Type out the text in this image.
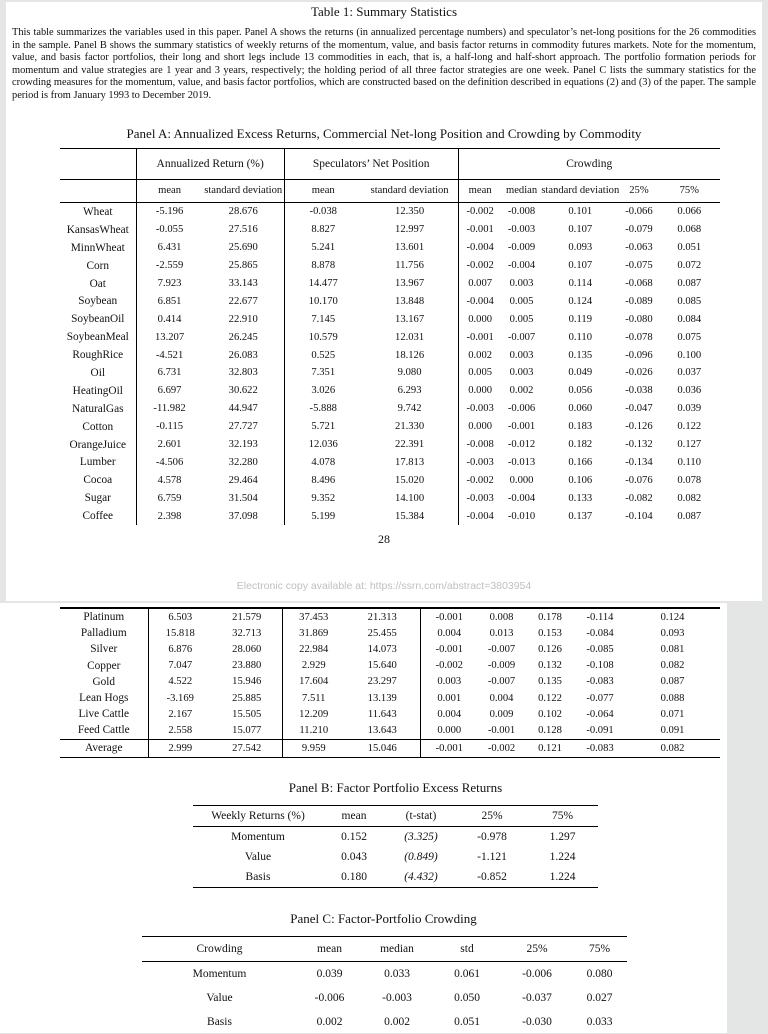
Table 1: Summary Statistics
This table summarizes the variables used in this paper. Panel A shows the returns (in annualized percentage numbers) and speculator’s net-long positions for the 26 commodities in the sample. Panel B shows the summary statistics of weekly returns of the momentum, value, and basis factor returns in commodity futures markets. Note for the momentum, value, and basis factor portfolios, their long and short legs include 13 commodities in each, that is, a half-long and half-short approach. The portfolio formation periods for momentum and value strategies are 1 year and 3 years, respectively; the holding period of all three factor strategies are one week. Panel C lists the summary statistics for the crowding measures for the momentum, value, and basis factor portfolios, which are constructed based on the definition described in equations (2) and (3) of the paper. The sample period is from January 1993 to December 2019.
Panel A: Annualized Excess Returns, Commercial Net-long Position and Crowding by Commodity
	Annualized Return (%)		Speculators’ Net Position		Crowding				
	mean	standard deviation	mean	standard deviation	mean	median	standard deviation	25%	75%
Wheat	-5.196	28.676	-0.038	12.350	-0.002	-0.008	0.101	-0.066	0.066
KansasWheat	-0.055	27.516	8.827	12.997	-0.001	-0.003	0.107	-0.079	0.068
MinnWheat	6.431	25.690	5.241	13.601	-0.004	-0.009	0.093	-0.063	0.051
Corn	-2.559	25.865	8.878	11.756	-0.002	-0.004	0.107	-0.075	0.072
Oat	7.923	33.143	14.477	13.967	0.007	0.003	0.114	-0.068	0.087
Soybean	6.851	22.677	10.170	13.848	-0.004	0.005	0.124	-0.089	0.085
SoybeanOil	0.414	22.910	7.145	13.167	0.000	0.005	0.119	-0.080	0.084
SoybeanMeal	13.207	26.245	10.579	12.031	-0.001	-0.007	0.110	-0.078	0.075
RoughRice	-4.521	26.083	0.525	18.126	0.002	0.003	0.135	-0.096	0.100
Oil	6.731	32.803	7.351	9.080	0.005	0.003	0.049	-0.026	0.037
HeatingOil	6.697	30.622	3.026	6.293	0.000	0.002	0.056	-0.038	0.036
NaturalGas	-11.982	44.947	-5.888	9.742	-0.003	-0.006	0.060	-0.047	0.039
Cotton	-0.115	27.727	5.721	21.330	0.000	-0.001	0.183	-0.126	0.122
OrangeJuice	2.601	32.193	12.036	22.391	-0.008	-0.012	0.182	-0.132	0.127
Lumber	-4.506	32.280	4.078	17.813	-0.003	-0.013	0.166	-0.134	0.110
Cocoa	4.578	29.464	8.496	15.020	-0.002	0.000	0.106	-0.076	0.078
Sugar	6.759	31.504	9.352	14.100	-0.003	-0.004	0.133	-0.082	0.082
Coffee	2.398	37.098	5.199	15.384	-0.004	-0.010	0.137	-0.104	0.087
28
Electronic copy available at: https://ssrn.com/abstract=3803954
Platinum	6.503	21.579	37.453	21.313	-0.001	0.008	0.178	-0.114	0.124
Palladium	15.818	32.713	31.869	25.455	0.004	0.013	0.153	-0.084	0.093
Silver	6.876	28.060	22.984	14.073	-0.001	-0.007	0.126	-0.085	0.081
Copper	7.047	23.880	2.929	15.640	-0.002	-0.009	0.132	-0.108	0.082
Gold	4.522	15.946	17.604	23.297	0.003	-0.007	0.135	-0.083	0.087
Lean Hogs	-3.169	25.885	7.511	13.139	0.001	0.004	0.122	-0.077	0.088
Live Cattle	2.167	15.505	12.209	11.643	0.004	0.009	0.102	-0.064	0.071
Feed Cattle	2.558	15.077	11.210	13.643	0.000	-0.001	0.128	-0.091	0.091
Average	2.999	27.542	9.959	15.046	-0.001	-0.002	0.121	-0.083	0.082
Panel B: Factor Portfolio Excess Returns
Weekly Returns (%)	mean	(t-stat)	25%	75%
Momentum	0.152	(3.325)	-0.978	1.297
Value	0.043	(0.849)	-1.121	1.224
Basis	0.180	(4.432)	-0.852	1.224
Panel C: Factor-Portfolio Crowding
Crowding	mean	median	std	25%	75%
Momentum	0.039	0.033	0.061	-0.006	0.080
Value	-0.006	-0.003	0.050	-0.037	0.027
Basis	0.002	0.002	0.051	-0.030	0.033
